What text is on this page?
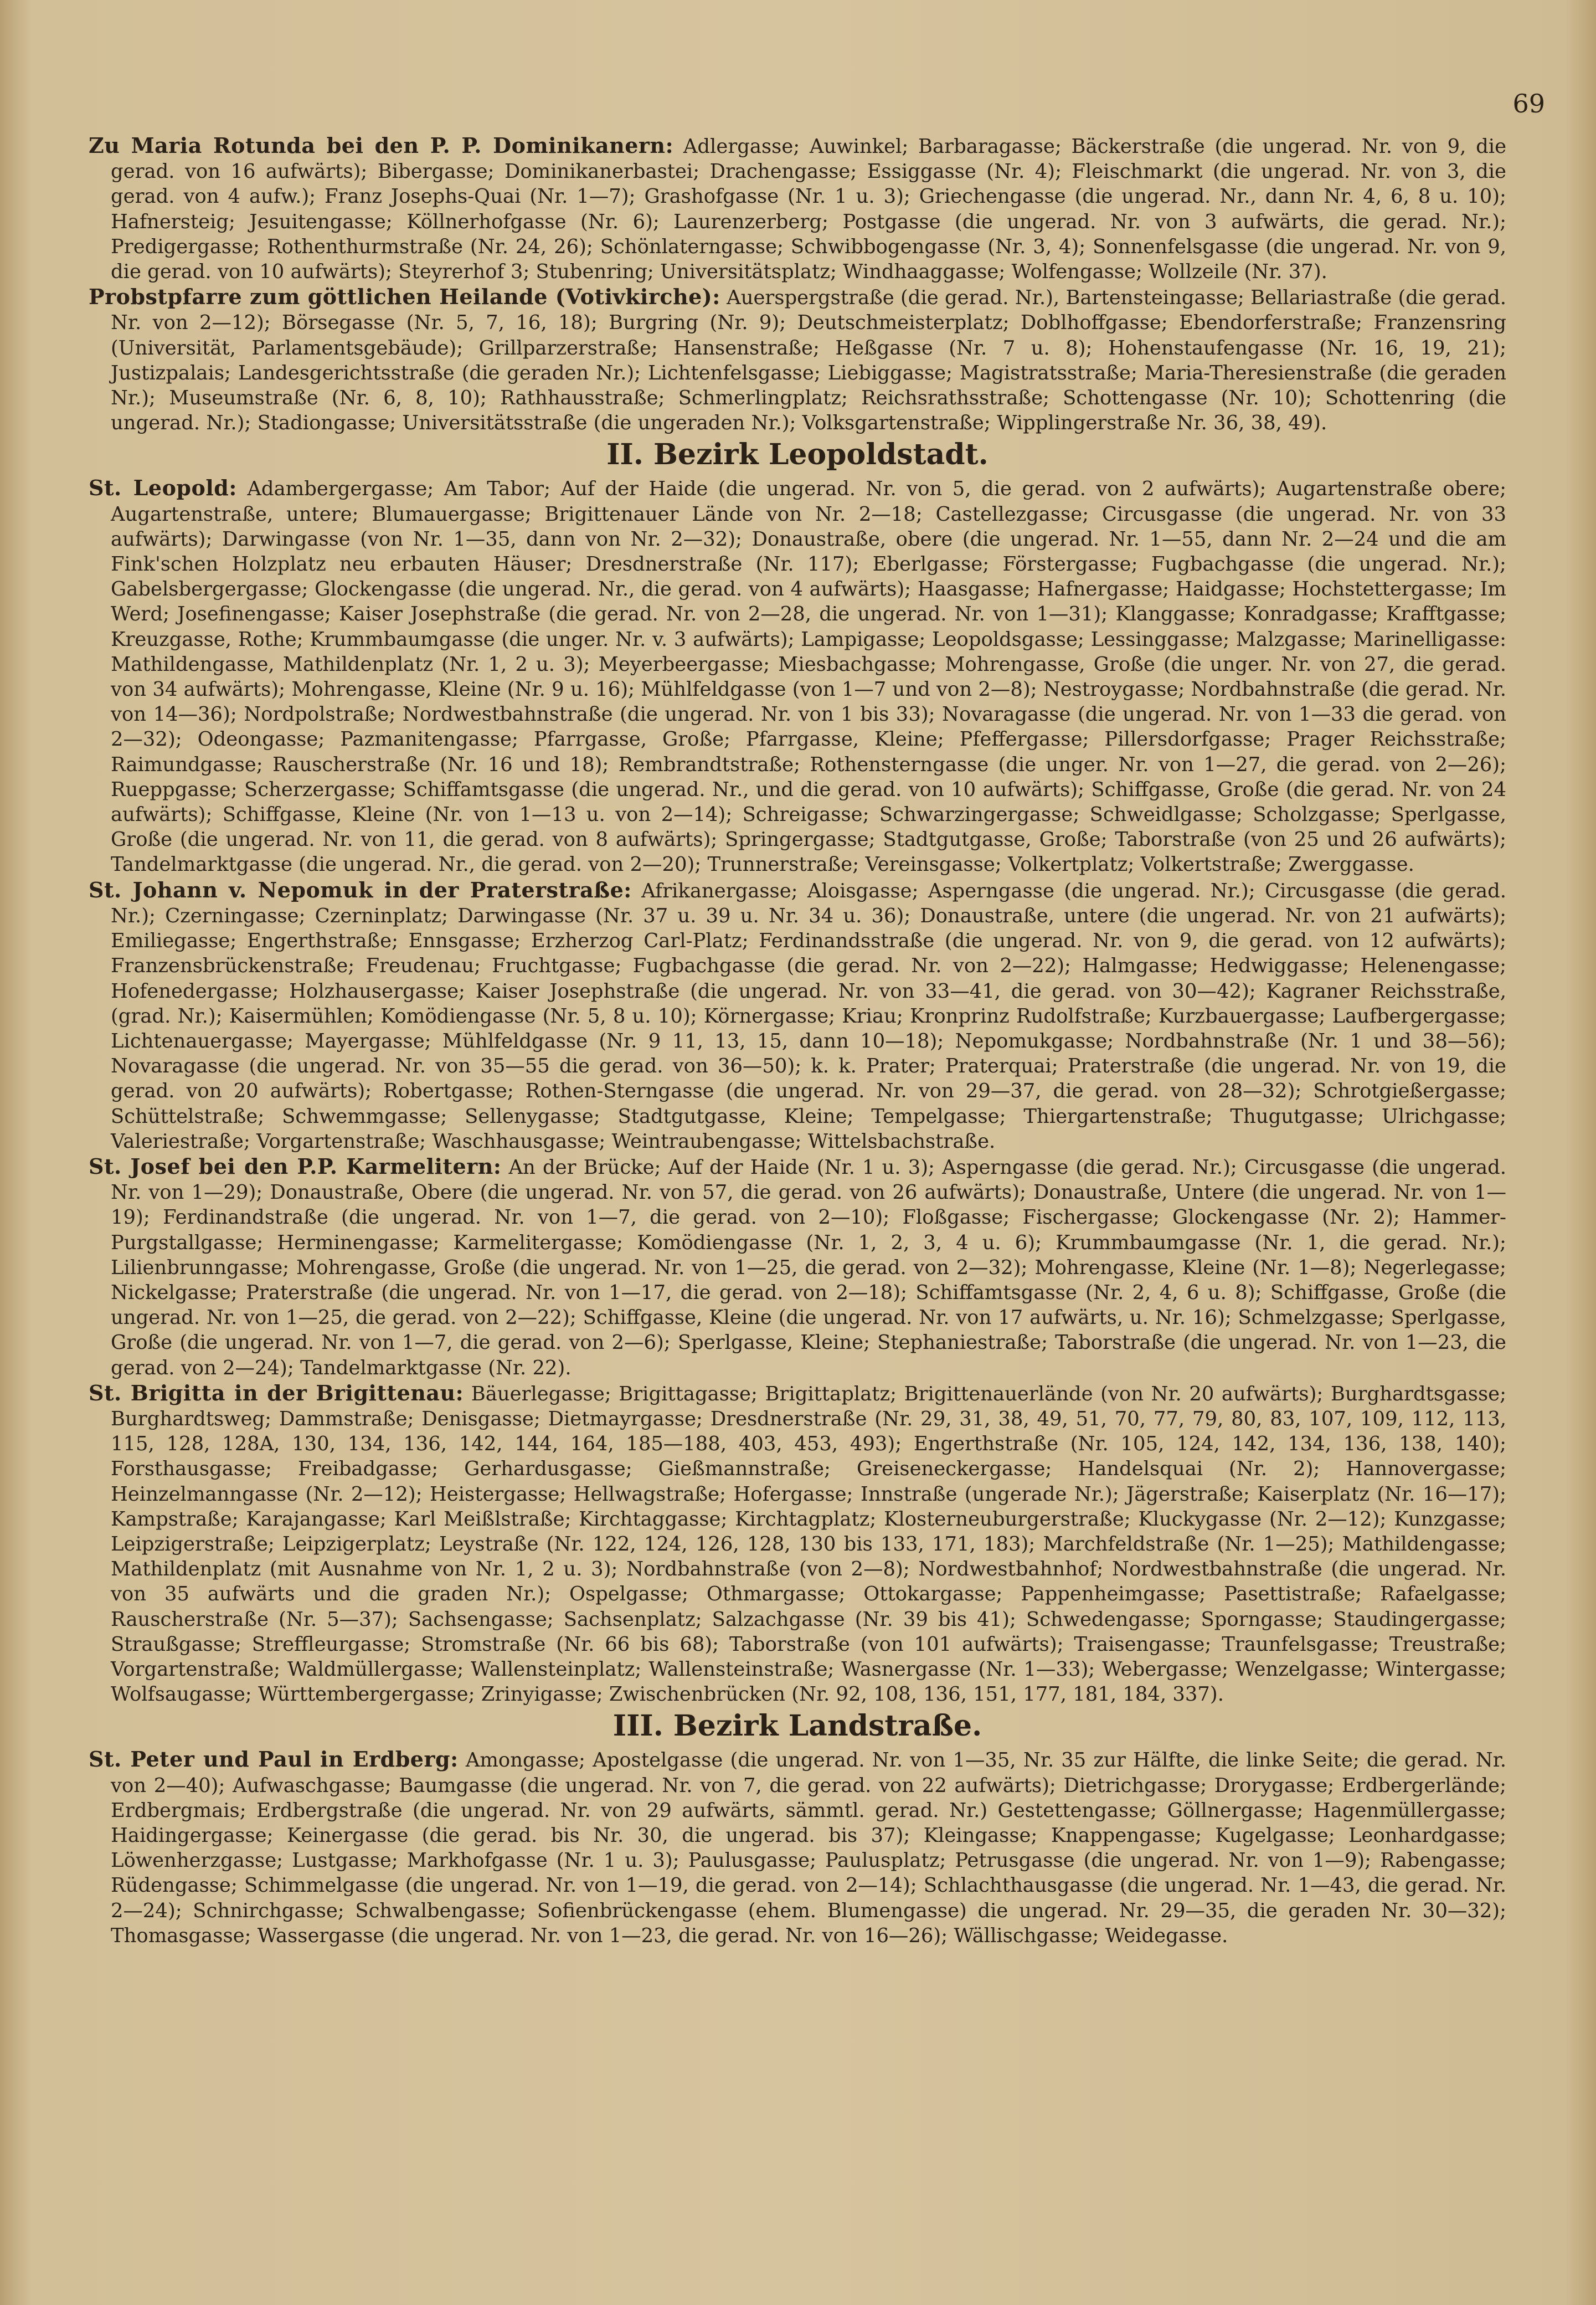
69

Zu Maria Rotunda bei den P. P. Dominikanern: Adlergasse; Auwinkel; Barbaragasse; Bäckerstraße (die ungerad. Nr. von 9, die gerad. von 16 aufwärts); Bibergasse; Dominikanerbastei; Drachengasse; Essiggasse (Nr. 4); Fleischmarkt (die ungerad. Nr. von 3, die gerad. von 4 aufw.); Franz Josephs-Quai (Nr. 1—7); Grashofgasse (Nr. 1 u. 3); Griechengasse (die ungerad. Nr., dann Nr. 4, 6, 8 u. 10); Hafnersteig; Jesuitengasse; Köllnerhofgasse (Nr. 6); Laurenzerberg; Postgasse (die ungerad. Nr. von 3 aufwärts, die gerad. Nr.); Predigergasse; Rothenthurmstraße (Nr. 24, 26); Schönlaterngasse; Schwibbogengasse (Nr. 3, 4); Sonnenfelsgasse (die ungerad. Nr. von 9, die gerad. von 10 aufwärts); Steyrerhof 3; Stubenring; Universitätsplatz; Windhaaggasse; Wolfengasse; Wollzeile (Nr. 37).

Probstpfarre zum göttlichen Heilande (Votivkirche): Auerspergstraße (die gerad. Nr.), Bartensteingasse; Bellariastraße (die gerad. Nr. von 2—12); Börsegasse (Nr. 5, 7, 16, 18); Burgring (Nr. 9); Deutschmeisterplatz; Doblhoffgasse; Ebendorferstraße; Franzensring (Universität, Parlamentsgebäude); Grillparzerstraße; Hansenstraße; Heßgasse (Nr. 7 u. 8); Hohenstaufengasse (Nr. 16, 19, 21); Justizpalais; Landesgerichtsstraße (die geraden Nr.); Lichtenfelsgasse; Liebiggasse; Magistratsstraße; Maria-Theresienstraße (die geraden Nr.); Museumstraße (Nr. 6, 8, 10); Rathhausstraße; Schmerlingplatz; Reichsrathsstraße; Schottengasse (Nr. 10); Schottenring (die ungerad. Nr.); Stadiongasse; Universitätsstraße (die ungeraden Nr.); Volksgartenstraße; Wipplingerstraße Nr. 36, 38, 49).

II. Bezirk Leopoldstadt.

St. Leopold: Adambergergasse; Am Tabor; Auf der Haide (die ungerad. Nr. von 5, die gerad. von 2 aufwärts); Augartenstraße obere; Augartenstraße, untere; Blumauergasse; Brigittenauer Lände von Nr. 2—18; Castellezgasse; Circusgasse (die ungerad. Nr. von 33 aufwärts); Darwingasse (von Nr. 1—35, dann von Nr. 2—32); Donaustraße, obere (die ungerad. Nr. 1—55, dann Nr. 2—24 und die am Fink'schen Holzplatz neu erbauten Häuser; Dresdnerstraße (Nr. 117); Eberlgasse; Förstergasse; Fugbachgasse (die ungerad. Nr.); Gabelsbergergasse; Glockengasse (die ungerad. Nr., die gerad. von 4 aufwärts); Haasgasse; Hafnergasse; Haidgasse; Hochstettergasse; Im Werd; Josefinengasse; Kaiser Josephstraße (die gerad. Nr. von 2—28, die ungerad. Nr. von 1—31); Klanggasse; Konradgasse; Krafftgasse; Kreuzgasse, Rothe; Krummbaumgasse (die unger. Nr. v. 3 aufwärts); Lampigasse; Leopoldsgasse; Lessinggasse; Malzgasse; Marinelligasse: Mathildengasse, Mathildenplatz (Nr. 1, 2 u. 3); Meyerbeergasse; Miesbachgasse; Mohrengasse, Große (die unger. Nr. von 27, die gerad. von 34 aufwärts); Mohrengasse, Kleine (Nr. 9 u. 16); Mühlfeldgasse (von 1—7 und von 2—8); Nestroygasse; Nordbahnstraße (die gerad. Nr. von 14—36); Nordpolstraße; Nordwestbahnstraße (die ungerad. Nr. von 1 bis 33); Novaragasse (die ungerad. Nr. von 1—33 die gerad. von 2—32); Odeongasse; Pazmanitengasse; Pfarrgasse, Große; Pfarrgasse, Kleine; Pfeffergasse; Pillersdorfgasse; Prager Reichsstraße; Raimundgasse; Rauscherstraße (Nr. 16 und 18); Rembrandtstraße; Rothensterngasse (die unger. Nr. von 1—27, die gerad. von 2—26); Rueppgasse; Scherzergasse; Schiffamtsgasse (die ungerad. Nr., und die gerad. von 10 aufwärts); Schiffgasse, Große (die gerad. Nr. von 24 aufwärts); Schiffgasse, Kleine (Nr. von 1—13 u. von 2—14); Schreigasse; Schwarzingergasse; Schweidlgasse; Scholzgasse; Sperlgasse, Große (die ungerad. Nr. von 11, die gerad. von 8 aufwärts); Springergasse; Stadtgutgasse, Große; Taborstraße (von 25 und 26 aufwärts); Tandelmarktgasse (die ungerad. Nr., die gerad. von 2—20); Trunnerstraße; Vereinsgasse; Volkertplatz; Volkertstraße; Zwerggasse.

St. Johann v. Nepomuk in der Praterstraße: Afrikanergasse; Aloisgasse; Asperngasse (die ungerad. Nr.); Circusgasse (die gerad. Nr.); Czerningasse; Czerninplatz; Darwingasse (Nr. 37 u. 39 u. Nr. 34 u. 36); Donaustraße, untere (die ungerad. Nr. von 21 aufwärts); Emiliegasse; Engerthstraße; Ennsgasse; Erzherzog Carl-Platz; Ferdinandsstraße (die ungerad. Nr. von 9, die gerad. von 12 aufwärts); Franzensbrückenstraße; Freudenau; Fruchtgasse; Fugbachgasse (die gerad. Nr. von 2—22); Halmgasse; Hedwiggasse; Helenengasse; Hofenedergasse; Holzhausergasse; Kaiser Josephstraße (die ungerad. Nr. von 33—41, die gerad. von 30—42); Kagraner Reichsstraße, (grad. Nr.); Kaisermühlen; Komödiengasse (Nr. 5, 8 u. 10); Körnergasse; Kriau; Kronprinz Rudolfstraße; Kurzbauergasse; Laufbergergasse; Lichtenauergasse; Mayergasse; Mühlfeldgasse (Nr. 9 11, 13, 15, dann 10—18); Nepomukgasse; Nordbahnstraße (Nr. 1 und 38—56); Novaragasse (die ungerad. Nr. von 35—55 die gerad. von 36—50); k. k. Prater; Praterquai; Praterstraße (die ungerad. Nr. von 19, die gerad. von 20 aufwärts); Robertgasse; Rothen-Sterngasse (die ungerad. Nr. von 29—37, die gerad. von 28—32); Schrotgießergasse; Schüttelstraße; Schwemmgasse; Sellenygasse; Stadtgutgasse, Kleine; Tempelgasse; Thiergartenstraße; Thugutgasse; Ulrichgasse; Valeriestraße; Vorgartenstraße; Waschhausgasse; Weintraubengasse; Wittelsbachstraße.

St. Josef bei den P.P. Karmelitern: An der Brücke; Auf der Haide (Nr. 1 u. 3); Asperngasse (die gerad. Nr.); Circusgasse (die ungerad. Nr. von 1—29); Donaustraße, Obere (die ungerad. Nr. von 57, die gerad. von 26 aufwärts); Donaustraße, Untere (die ungerad. Nr. von 1—19); Ferdinandstraße (die ungerad. Nr. von 1—7, die gerad. von 2—10); Floßgasse; Fischergasse; Glockengasse (Nr. 2); Hammer-Purgstallgasse; Herminengasse; Karmelitergasse; Komödiengasse (Nr. 1, 2, 3, 4 u. 6); Krummbaumgasse (Nr. 1, die gerad. Nr.); Lilienbrunngasse; Mohrengasse, Große (die ungerad. Nr. von 1—25, die gerad. von 2—32); Mohrengasse, Kleine (Nr. 1—8); Negerlegasse; Nickelgasse; Praterstraße (die ungerad. Nr. von 1—17, die gerad. von 2—18); Schiffamtsgasse (Nr. 2, 4, 6 u. 8); Schiffgasse, Große (die ungerad. Nr. von 1—25, die gerad. von 2—22); Schiffgasse, Kleine (die ungerad. Nr. von 17 aufwärts, u. Nr. 16); Schmelzgasse; Sperlgasse, Große (die ungerad. Nr. von 1—7, die gerad. von 2—6); Sperlgasse, Kleine; Stephaniestraße; Taborstraße (die ungerad. Nr. von 1—23, die gerad. von 2—24); Tandelmarktgasse (Nr. 22).

St. Brigitta in der Brigittenau: Bäuerlegasse; Brigittagasse; Brigittaplatz; Brigittenauerlände (von Nr. 20 aufwärts); Burghardtsgasse; Burghardtsweg; Dammstraße; Denisgasse; Dietmayrgasse; Dresdnerstraße (Nr. 29, 31, 38, 49, 51, 70, 77, 79, 80, 83, 107, 109, 112, 113, 115, 128, 128A, 130, 134, 136, 142, 144, 164, 185—188, 403, 453, 493); Engerthstraße (Nr. 105, 124, 142, 134, 136, 138, 140); Forsthausgasse; Freibadgasse; Gerhardusgasse; Gießmannstraße; Greiseneckergasse; Handelsquai (Nr. 2); Hannovergasse; Heinzelmanngasse (Nr. 2—12); Heistergasse; Hellwagstraße; Hofergasse; Innstraße (ungerade Nr.); Jägerstraße; Kaiserplatz (Nr. 16—17); Kampstraße; Karajangasse; Karl Meißlstraße; Kirchtaggasse; Kirchtagplatz; Klosterneuburgerstraße; Kluckygasse (Nr. 2—12); Kunzgasse; Leipzigerstraße; Leipzigerplatz; Leystraße (Nr. 122, 124, 126, 128, 130 bis 133, 171, 183); Marchfeldstraße (Nr. 1—25); Mathildengasse; Mathildenplatz (mit Ausnahme von Nr. 1, 2 u. 3); Nordbahnstraße (von 2—8); Nordwestbahnhof; Nordwestbahnstraße (die ungerad. Nr. von 35 aufwärts und die graden Nr.); Ospelgasse; Othmargasse; Ottokargasse; Pappenheimgasse; Pasettistraße; Rafaelgasse; Rauscherstraße (Nr. 5—37); Sachsengasse; Sachsenplatz; Salzachgasse (Nr. 39 bis 41); Schwedengasse; Sporngasse; Staudingergasse; Straußgasse; Streffleurgasse; Stromstraße (Nr. 66 bis 68); Taborstraße (von 101 aufwärts); Traisengasse; Traunfelsgasse; Treustraße; Vorgartenstraße; Waldmüllergasse; Wallensteinplatz; Wallensteinstraße; Wasnergasse (Nr. 1—33); Webergasse; Wenzelgasse; Wintergasse; Wolfsaugasse; Württembergergasse; Zrinyigasse; Zwischenbrücken (Nr. 92, 108, 136, 151, 177, 181, 184, 337).

III. Bezirk Landstraße.

St. Peter und Paul in Erdberg: Amongasse; Apostelgasse (die ungerad. Nr. von 1—35, Nr. 35 zur Hälfte, die linke Seite; die gerad. Nr. von 2—40); Aufwaschgasse; Baumgasse (die ungerad. Nr. von 7, die gerad. von 22 aufwärts); Dietrichgasse; Drorygasse; Erdbergerlände; Erdbergmais; Erdbergstraße (die ungerad. Nr. von 29 aufwärts, sämmtl. gerad. Nr.) Gestettengasse; Göllnergasse; Hagenmüllergasse; Haidingergasse; Keinergasse (die gerad. bis Nr. 30, die ungerad. bis 37); Kleingasse; Knappengasse; Kugelgasse; Leonhardgasse; Löwenherzgasse; Lustgasse; Markhofgasse (Nr. 1 u. 3); Paulusgasse; Paulusplatz; Petrusgasse (die ungerad. Nr. von 1—9); Rabengasse; Rüdengasse; Schimmelgasse (die ungerad. Nr. von 1—19, die gerad. von 2—14); Schlachthausgasse (die ungerad. Nr. 1—43, die gerad. Nr. 2—24); Schnirchgasse; Schwalbengasse; Sofienbrückengasse (ehem. Blumengasse) die ungerad. Nr. 29—35, die geraden Nr. 30—32); Thomasgasse; Wassergasse (die ungerad. Nr. von 1—23, die gerad. Nr. von 16—26); Wällischgasse; Weidegasse.
